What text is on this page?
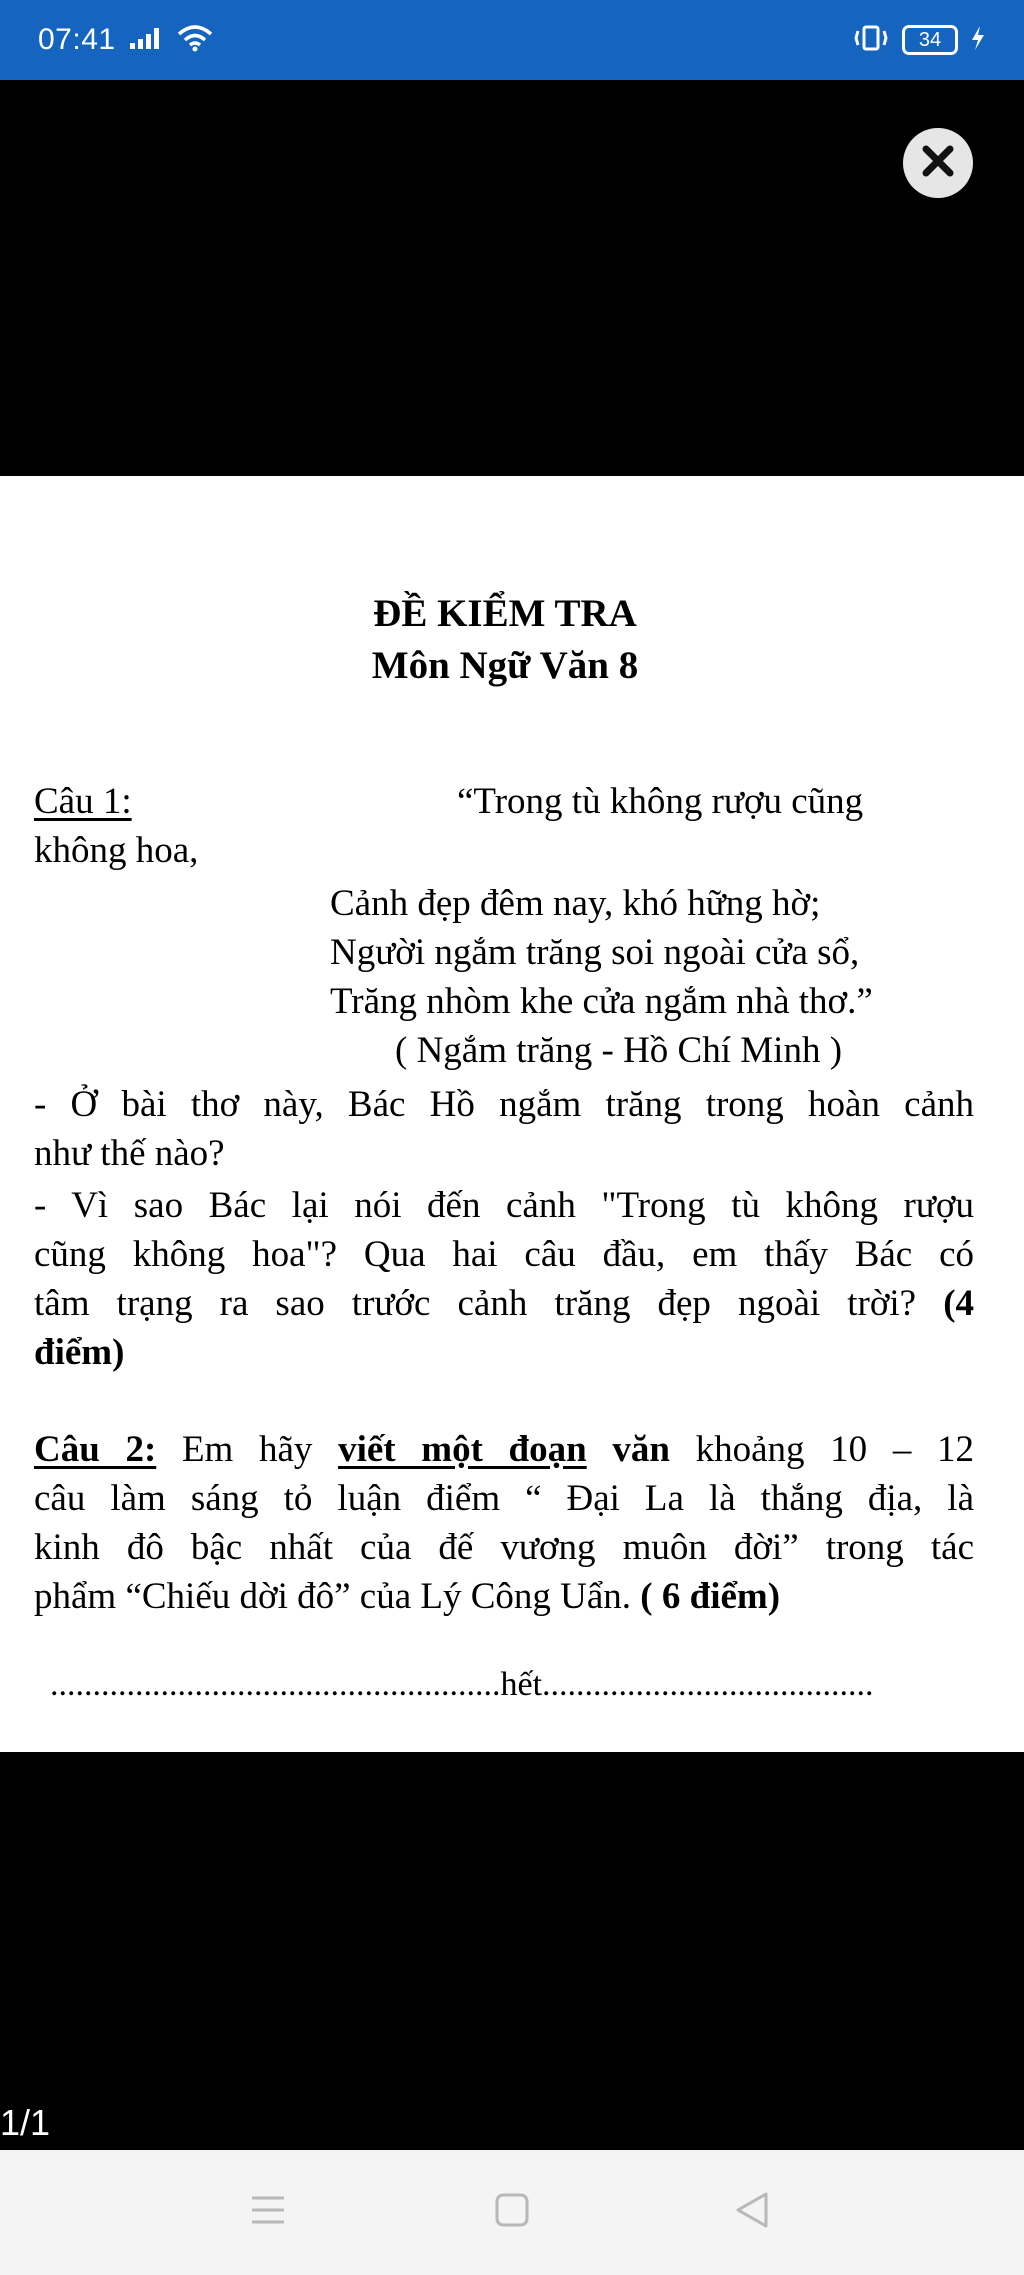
07:41	34
ĐỀ KIỂM TRA
Môn Ngữ Văn 8
Câu 1:	“Trong tù không rượu cũng
không hoa,
Cảnh đẹp đêm nay, khó hững hờ;
Người ngắm trăng soi ngoài cửa sổ,
Trăng nhòm khe cửa ngắm nhà thơ.”
( Ngắm trăng - Hồ Chí Minh )
- Ở bài thơ này, Bác Hồ ngắm trăng trong hoàn cảnh
như thế nào?
- Vì sao Bác lại nói đến cảnh "Trong tù không rượu
cũng không hoa"? Qua hai câu đầu, em thấy Bác có
tâm trạng ra sao trước cảnh trăng đẹp ngoài trời? (4
điểm)
Câu 2: Em hãy viết một đoạn văn khoảng 10 – 12
câu làm sáng tỏ luận điểm “ Đại La là thắng địa, là
kinh đô bậc nhất của đế vương muôn đời” trong tác
phẩm “Chiếu dời đô” của Lý Công Uẩn. ( 6 điểm)
.....................................................hết.......................................
1/1
